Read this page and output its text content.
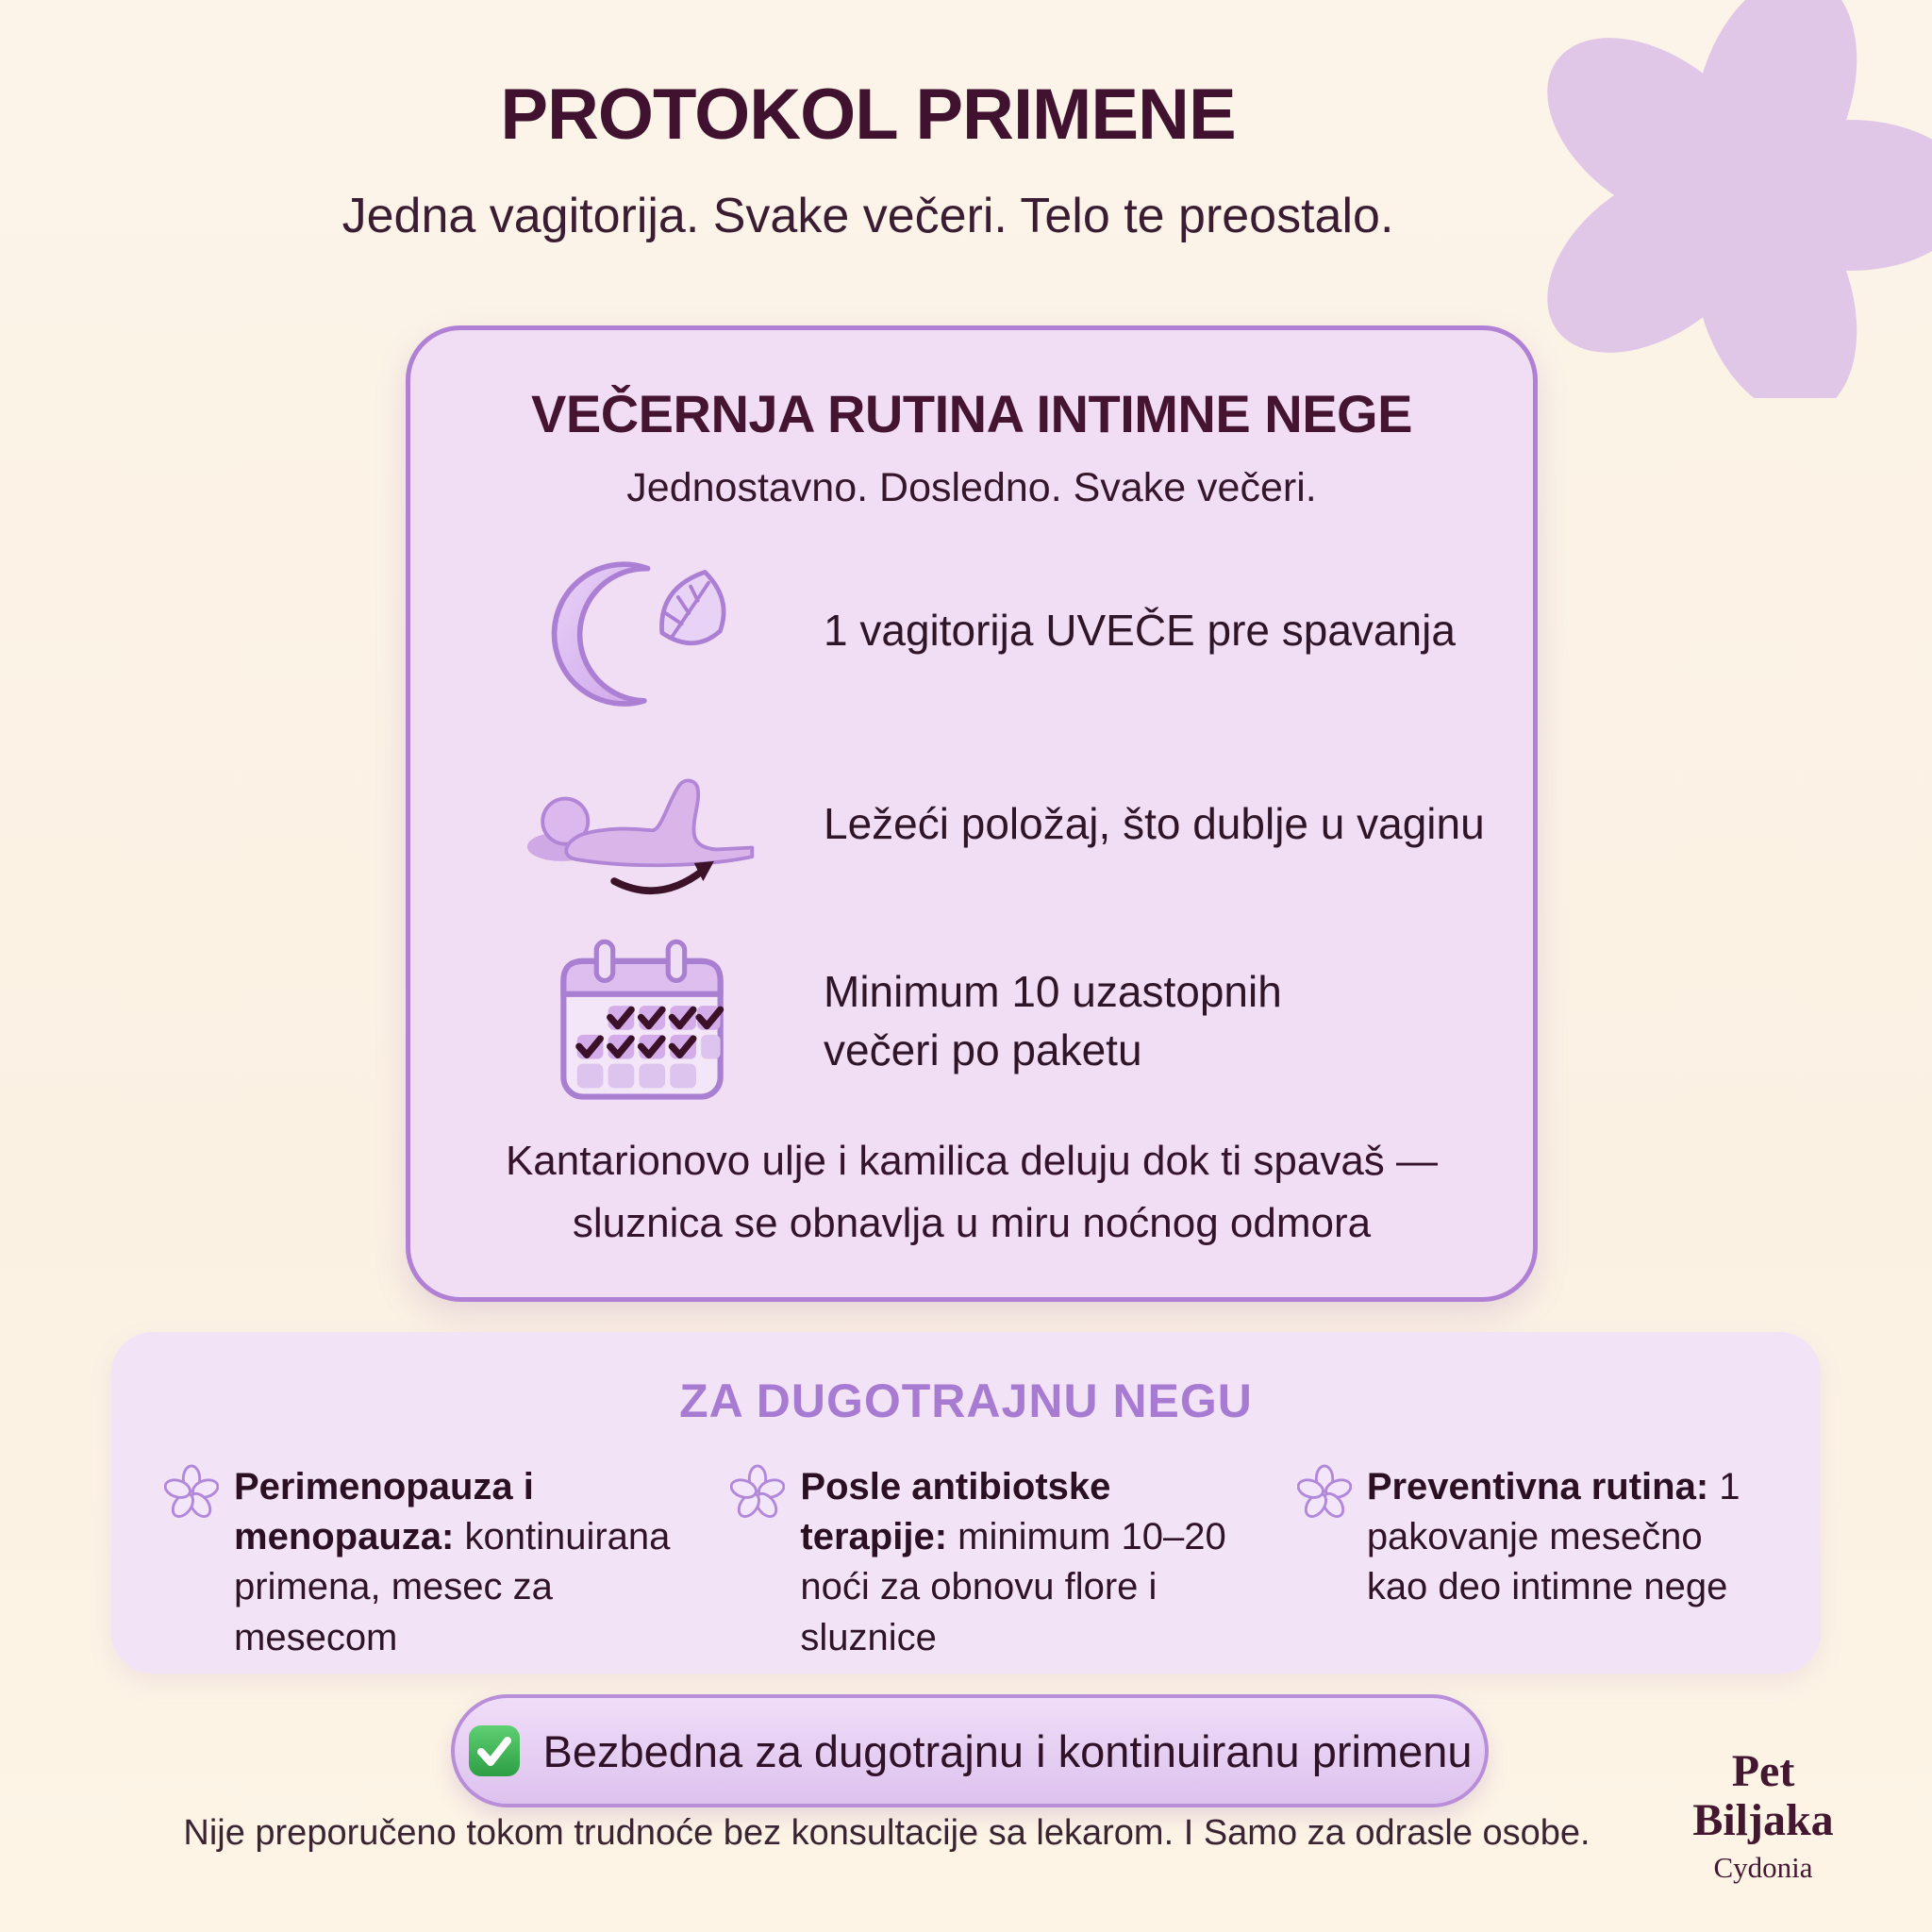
PROTOKOL PRIMENE

Jedna vagitorija. Svake večeri. Telo te preostalo.

VEČERNJA RUTINA INTIMNE NEGE

Jednostavno. Dosledno. Svake večeri.

1 vagitorija UVEČE pre spavanja
Ležeći položaj, što dublje u vaginu
Minimum 10 uzastopnih
večeri po paketu
Kantarionovo ulje i kamilica deluju dok ti spavaš —
sluznica se obnavlja u miru noćnog odmora
ZA DUGOTRAJNU NEGU
Perimenopauza i menopauza: kontinuirana primena, mesec za mesecom
Posle antibiotske terapije: minimum 10–20 noći za obnovu flore i sluznice
Preventivna rutina: 1 pakovanje mesečno kao deo intimne nege
Bezbedna za dugotrajnu i kontinuiranu primenu

Nije preporučeno tokom trudnoće bez konsultacije sa lekarom. I Samo za odrasle osobe.

Pet
Biljaka
Cydonia
